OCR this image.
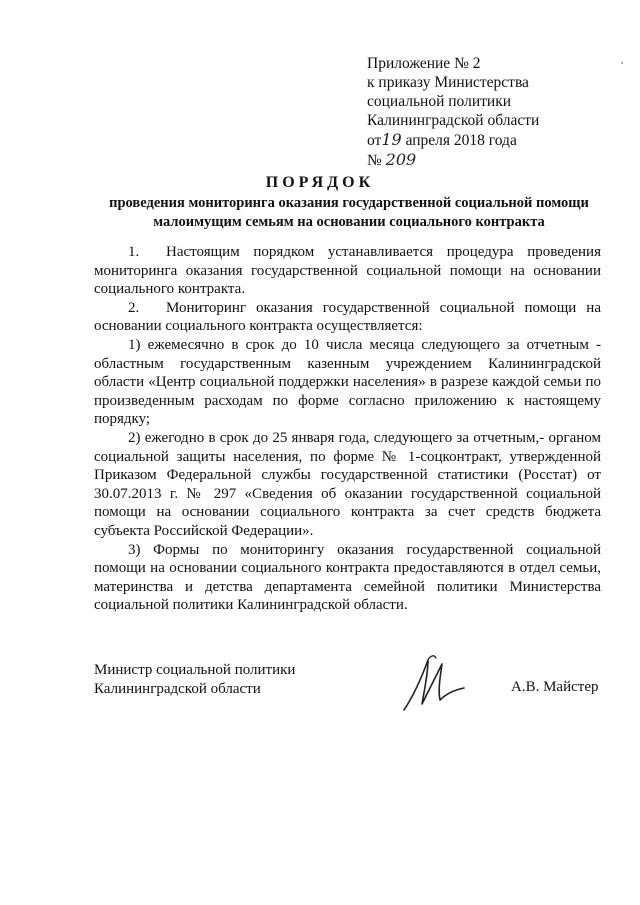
Приложение № 2
к приказу Министерства
социальной политики
Калининградской области
от19 апреля 2018 года
№ 209
ПОРЯДОК
проведения мониторинга оказания государственной социальной помощи
малоимущим семьям на основании социального контракта

1. Настоящим порядком устанавливается процедура проведения мониторинга оказания государственной социальной помощи на основании социального контракта.

2. Мониторинг оказания государственной социальной помощи на основании социального контракта осуществляется:

1) ежемесячно в срок до 10 числа месяца следующего за отчетным - областным государственным казенным учреждением Калининградской области «Центр социальной поддержки населения» в разрезе каждой семьи по произведенным расходам по форме согласно приложению к настоящему порядку;

2) ежегодно в срок до 25 января года, следующего за отчетным,- органом социальной защиты населения, по форме № 1-соцконтракт, утвержденной Приказом Федеральной службы государственной статистики (Росстат) от 30.07.2013 г. № 297 «Сведения об оказании государственной социальной помощи на основании социального контракта за счет средств бюджета субъекта Российской Федерации».

3) Формы по мониторингу оказания государственной социальной помощи на основании социального контракта предоставляются в отдел семьи, материнства и детства департамента семейной политики Министерства социальной политики Калининградской области.

Министр социальной политики
Калининградской области	А.В. Майстер
